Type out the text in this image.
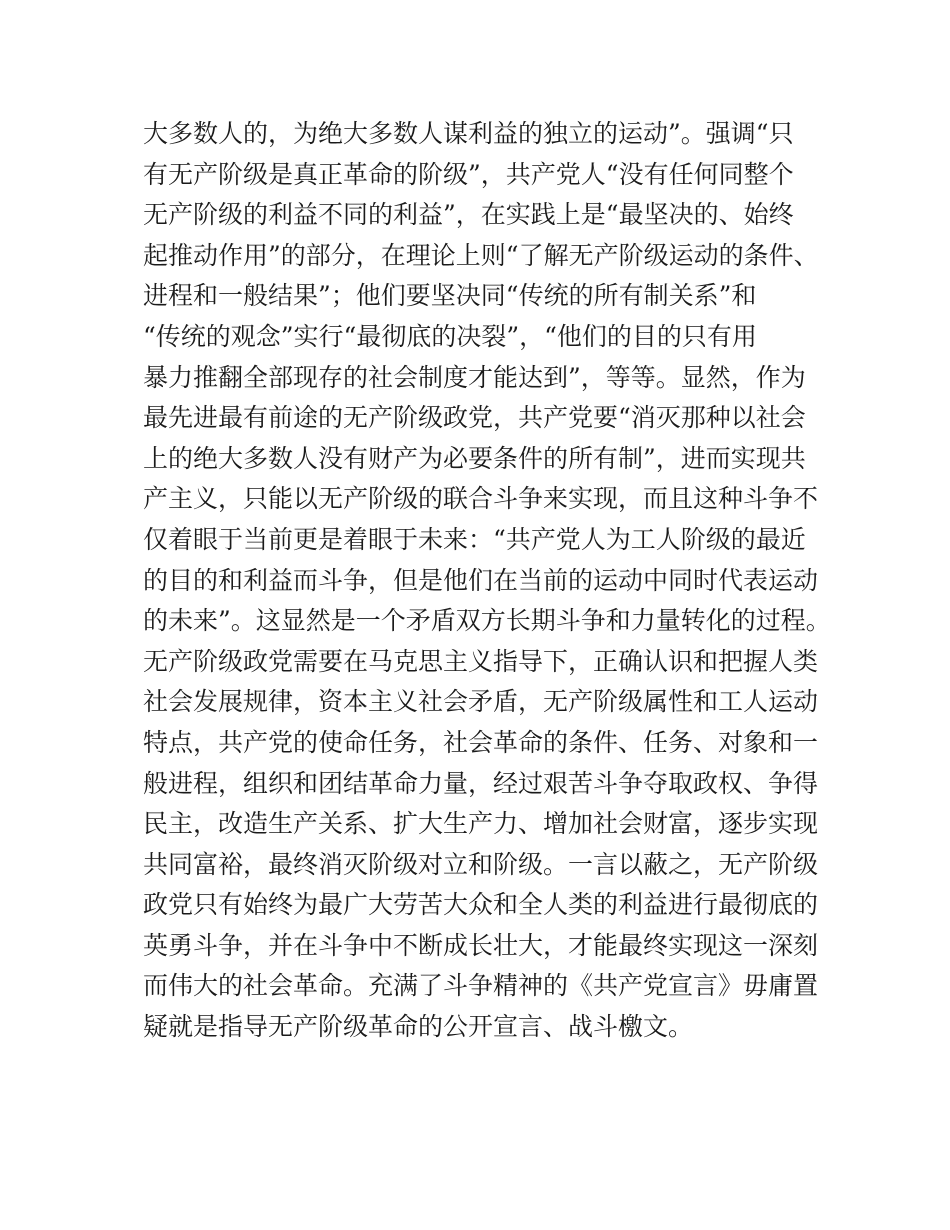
大多数人的，为绝大多数人谋利益的独立的运动”。强调“只
有无产阶级是真正革命的阶级”，共产党人“没有任何同整个
无产阶级的利益不同的利益”，在实践上是“最坚决的、始终
起推动作用”的部分，在理论上则“了解无产阶级运动的条件、
进程和一般结果”；他们要坚决同“传统的所有制关系”和
“传统的观念”实行“最彻底的决裂”，“他们的目的只有用
暴力推翻全部现存的社会制度才能达到”，等等。显然，作为
最先进最有前途的无产阶级政党，共产党要“消灭那种以社会
上的绝大多数人没有财产为必要条件的所有制”，进而实现共
产主义，只能以无产阶级的联合斗争来实现，而且这种斗争不
仅着眼于当前更是着眼于未来：“共产党人为工人阶级的最近
的目的和利益而斗争，但是他们在当前的运动中同时代表运动
的未来”。这显然是一个矛盾双方长期斗争和力量转化的过程。
无产阶级政党需要在马克思主义指导下，正确认识和把握人类
社会发展规律，资本主义社会矛盾，无产阶级属性和工人运动
特点，共产党的使命任务，社会革命的条件、任务、对象和一
般进程，组织和团结革命力量，经过艰苦斗争夺取政权、争得
民主，改造生产关系、扩大生产力、增加社会财富，逐步实现
共同富裕，最终消灭阶级对立和阶级。一言以蔽之，无产阶级
政党只有始终为最广大劳苦大众和全人类的利益进行最彻底的
英勇斗争，并在斗争中不断成长壮大，才能最终实现这一深刻
而伟大的社会革命。充满了斗争精神的《共产党宣言》毋庸置
疑就是指导无产阶级革命的公开宣言、战斗檄文。
